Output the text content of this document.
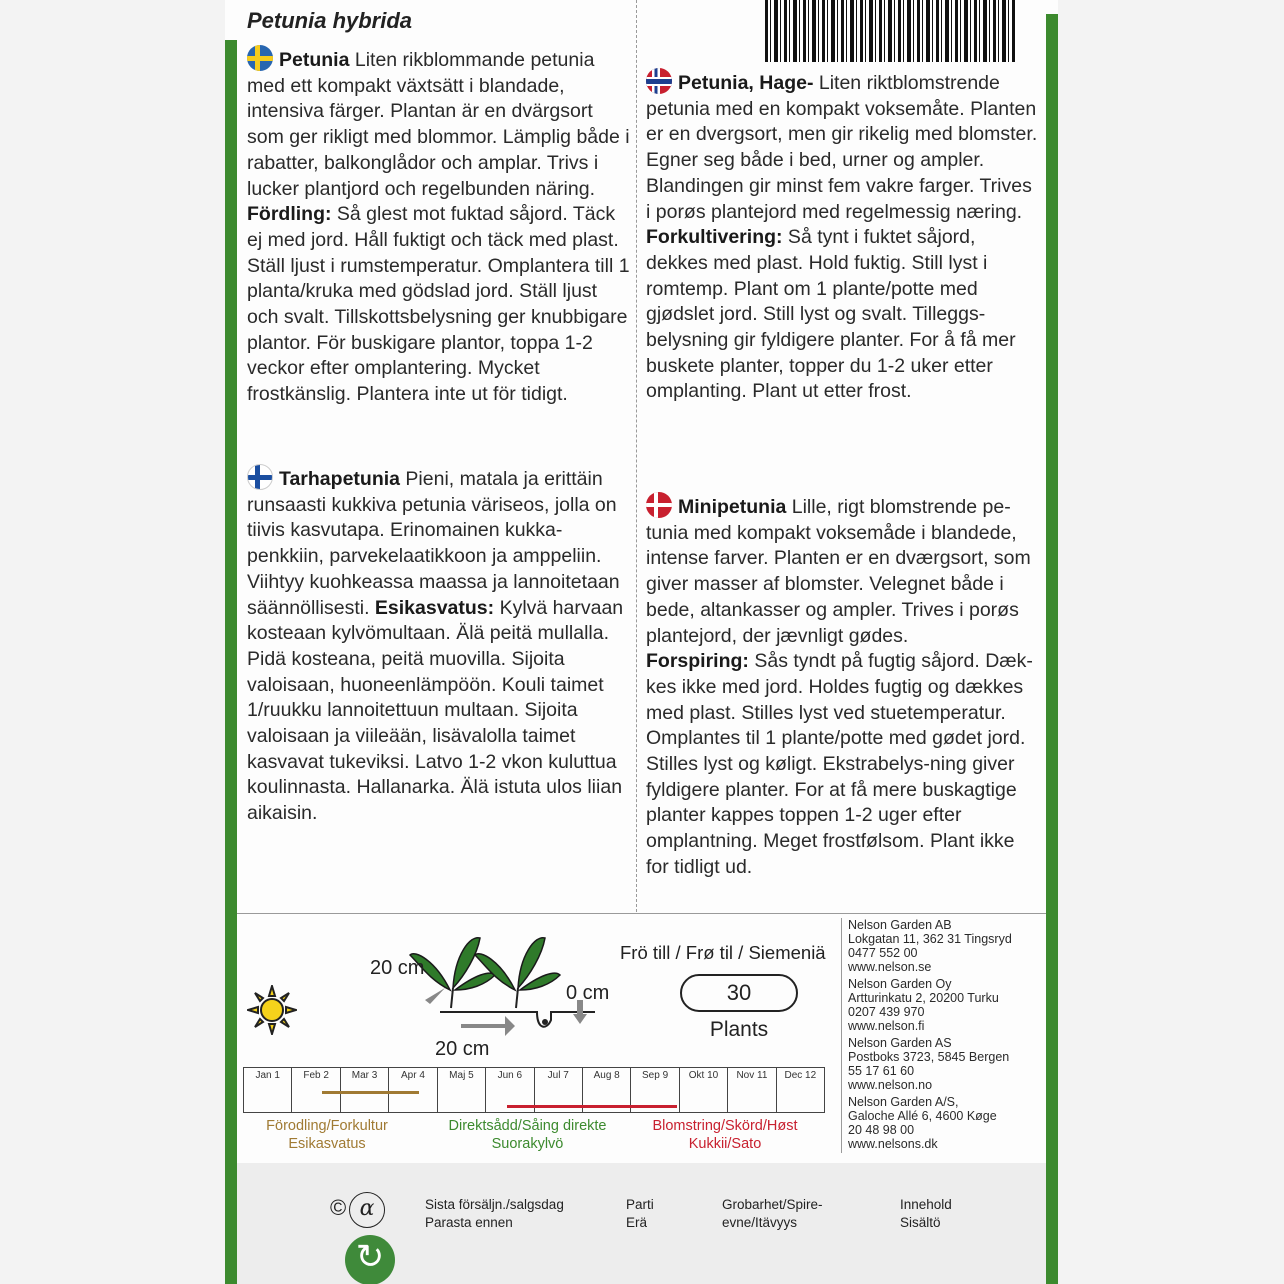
Petunia hybrida
Petunia Liten rikblommande petunia med ett kompakt växtsätt i blandade, intensiva färger. Plantan är en dvärgsort som ger rikligt med blommor. Lämplig både i rabatter, balkonglådor och amplar. Trivs i lucker plantjord och regelbunden näring.
Fördling: Så glest mot fuktad såjord. Täck ej med jord. Håll fuktigt och täck med plast. Ställ ljust i rumstemperatur. Omplantera till 1 planta/kruka med gödslad jord. Ställ ljust och svalt. Tillskottsbelysning ger knubbigare plantor. För buskigare plantor, toppa 1-2 veckor efter omplantering. Mycket frostkänslig. Plantera inte ut för tidigt.
Petunia, Hage- Liten riktblomstrende petunia med en kompakt voksemåte. Planten er en dvergsort, men gir rikelig med blomster. Egner seg både i bed, urner og ampler. Blandingen gir minst fem vakre farger. Trives i porøs plantejord med regelmessig næring. Forkultivering: Så tynt i fuktet såjord, dekkes med plast. Hold fuktig. Still lyst i romtemp. Plant om 1 plante/potte med gjødslet jord. Still lyst og svalt. Tilleggs-belysning gir fyldigere planter. For å få mer buskete planter, topper du 1-2 uker etter omplanting. Plant ut etter frost.
Tarhapetunia Pieni, matala ja erittäin runsaasti kukkiva petunia väriseos, jolla on tiivis kasvutapa. Erinomainen kukka-penkkiin, parvekelaatikkoon ja amppeliin. Viihtyy kuohkeassa maassa ja lannoitetaan säännöllisesti. Esikasvatus: Kylvä harvaan kosteaan kylvömultaan. Älä peitä mullalla. Pidä kosteana, peitä muovilla. Sijoita valoisaan, huoneenlämpöön. Kouli taimet 1/ruukku lannoitettuun multaan. Sijoita valoisaan ja viileään, lisävalolla taimet kasvavat tukeviksi. Latvo 1-2 vkon kuluttua koulinnasta. Hallanarka. Älä istuta ulos liian aikaisin.
Minipetunia Lille, rigt blomstrende pe-tunia med kompakt voksemåde i blandede, intense farver. Planten er en dværgsort, som giver masser af blomster. Velegnet både i bede, altankasser og ampler. Trives i porøs plantejord, der jævnligt gødes.
Forspiring: Sås tyndt på fugtig såjord. Dæk-kes ikke med jord. Holdes fugtig og dækkes med plast. Stilles lyst ved stuetemperatur. Omplantes til 1 plante/potte med gødet jord. Stilles lyst og køligt. Ekstrabelys-ning giver fyldigere planter. For at få mere buskagtige planter kappes toppen 1-2 uger efter omplantning. Meget frostfølsom. Plant ikke for tidligt ud.
20 cm
20 cm
0 cm
Frö till / Frø til / Siemeniä
30
Plants
Jan 1	Feb 2	Mar 3	Apr 4	Maj 5	Jun 6	Jul 7	Aug 8	Sep 9	Okt 10	Nov 11	Dec 12
Förodling/Forkultur
Esikasvatus
Direktsådd/Såing direkte
Suorakylvö
Blomstring/Skörd/Høst
Kukkii/Sato
Nelson Garden AB
Lokgatan 11, 362 31 Tingsryd
0477 552 00
www.nelson.se
Nelson Garden Oy
Artturinkatu 2, 20200 Turku
0207 439 970
www.nelson.fi
Nelson Garden AS
Postboks 3723, 5845 Bergen
55 17 61 60
www.nelson.no
Nelson Garden A/S,
Galoche Allé 6, 4600 Køge
20 48 98 00
www.nelsons.dk
© α
↻	Sista försäljn./salgsdag
Parasta ennen
Parti
Erä
Grobarhet/Spire-
evne/Itävyys
Innehold
Sisältö
